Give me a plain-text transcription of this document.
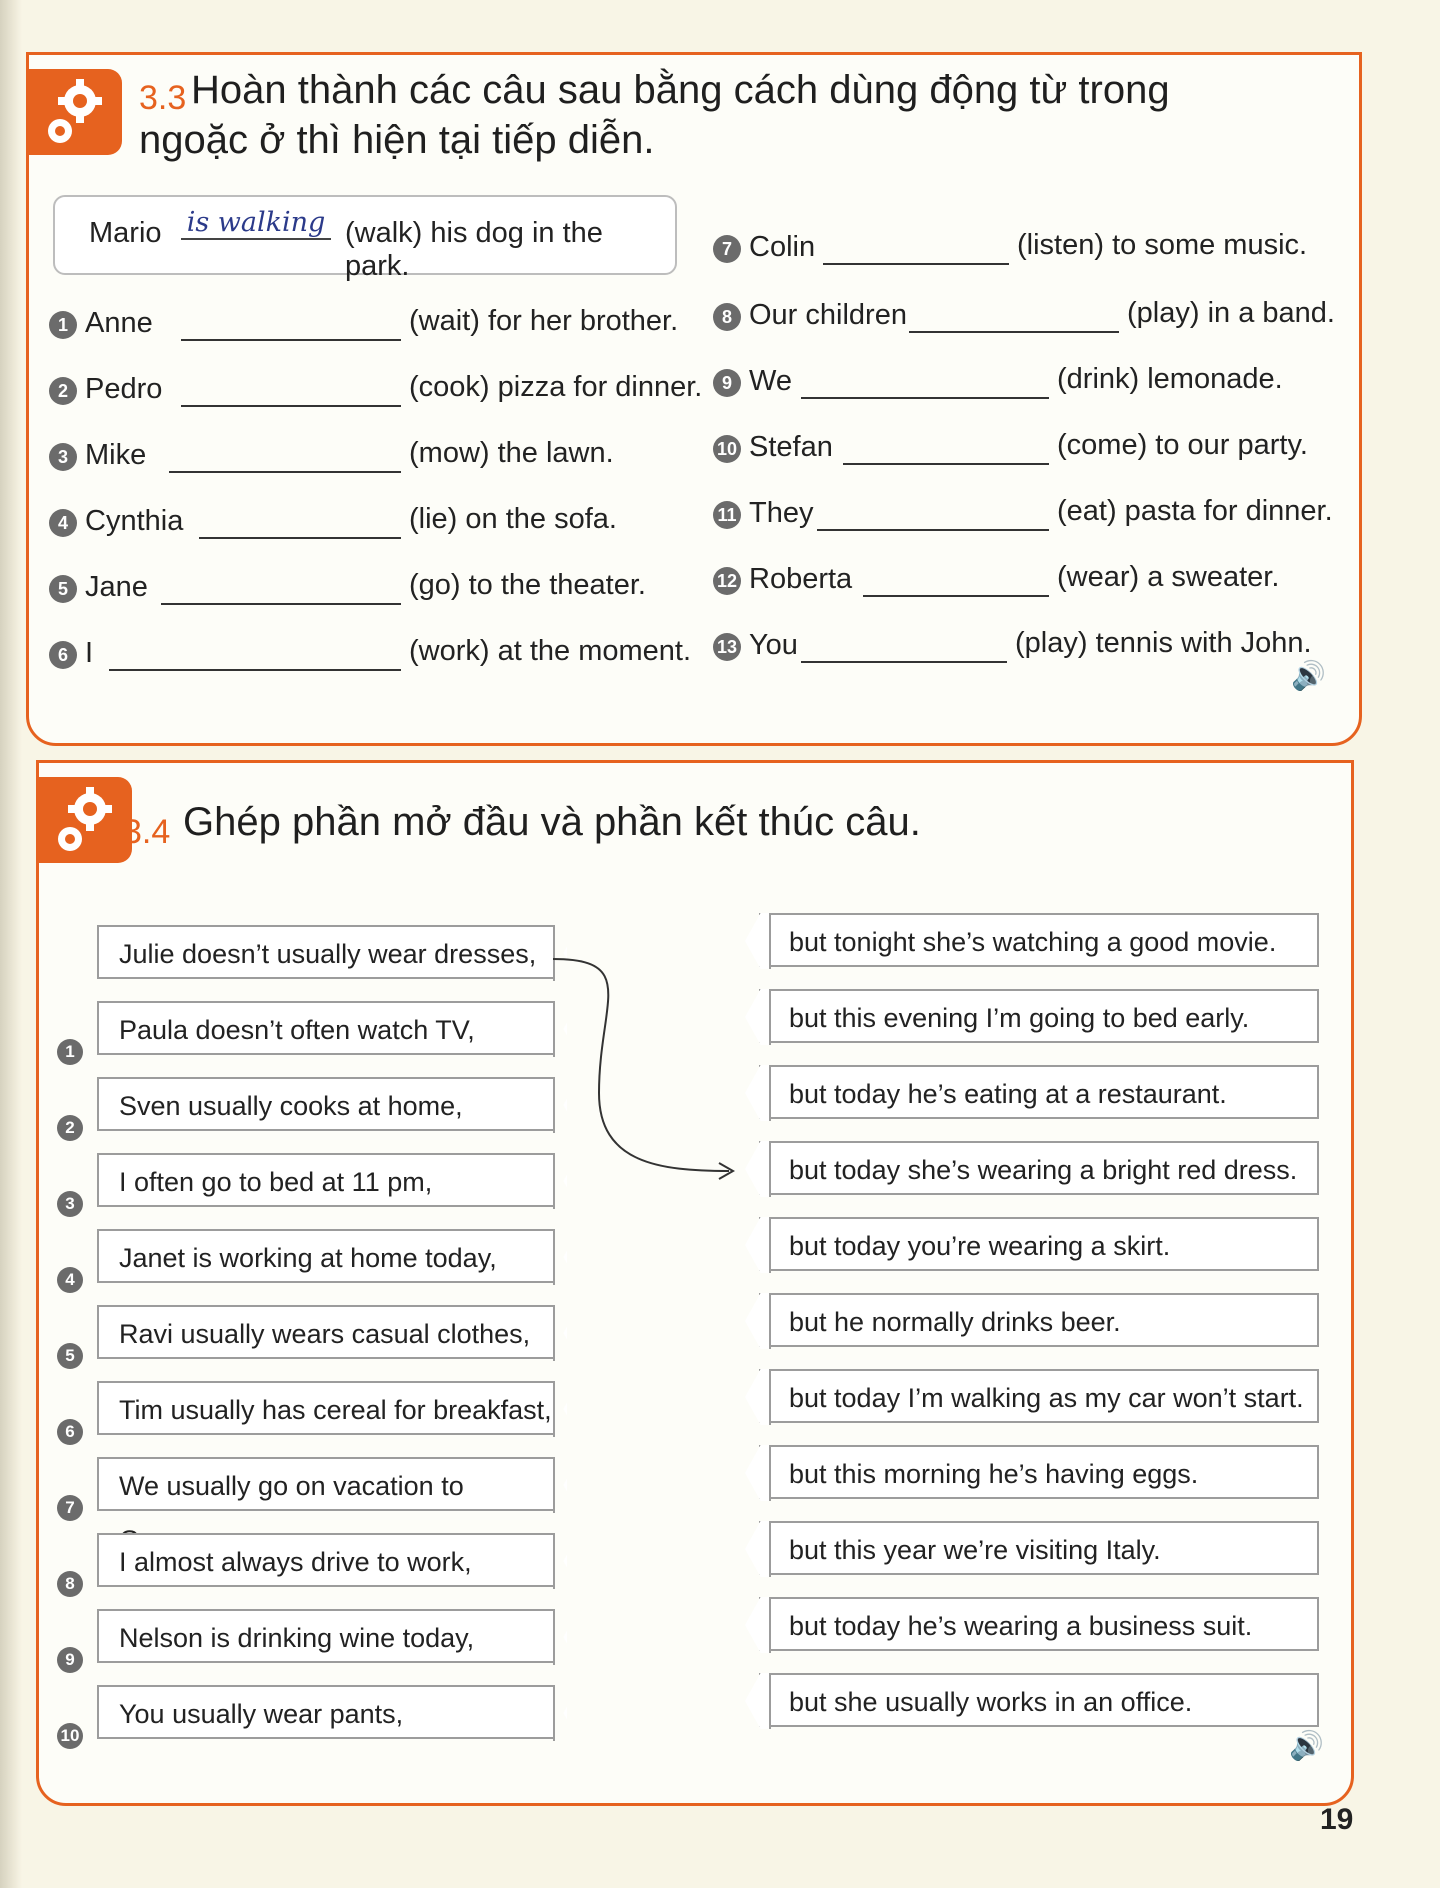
Hoàn thành các câu sau bằng cách dùng động từ trong ngoặc ở thì hiện tại tiếp diễn.
3.3
Mario is walking (walk) his dog in the park.
1 Anne	(wait) for her brother.
2 Pedro	(cook) pizza for dinner.
3 Mike	(mow) the lawn.
4 Cynthia	(lie) on the sofa.
5 Jane	(go) to the theater.
6 I	(work) at the moment.
7 Colin	(listen) to some music.
8 Our children	(play) in a band.
9 We	(drink) lemonade.
10 Stefan	(come) to our party.
11 They	(eat) pasta for dinner.
12 Roberta	(wear) a sweater.
13 You	(play) tennis with John.
🔊
3.4 Ghép phần mở đầu và phần kết thúc câu.
Julie doesn’t usually wear dresses,
1
Paula doesn’t often watch TV,
2
Sven usually cooks at home,
3
I often go to bed at 11 pm,
4
Janet is working at home today,
5
Ravi usually wears casual clothes,
6
Tim usually has cereal for breakfast,
7
We usually go on vacation to
8
I almost always drive to work,
9
Nelson is drinking wine today,
10
You usually wear pants,
but tonight she’s watching a good movie.
but this evening I’m going to bed early.
but today he’s eating at a restaurant.
but today she’s wearing a bright red dress.
but today you’re wearing a skirt.
but he normally drinks beer.
but today I’m walking as my car won’t start.
but this morning he’s having eggs.
but this year we’re visiting Italy.
but today he’s wearing a business suit.
but she usually works in an office.
🔊
19
